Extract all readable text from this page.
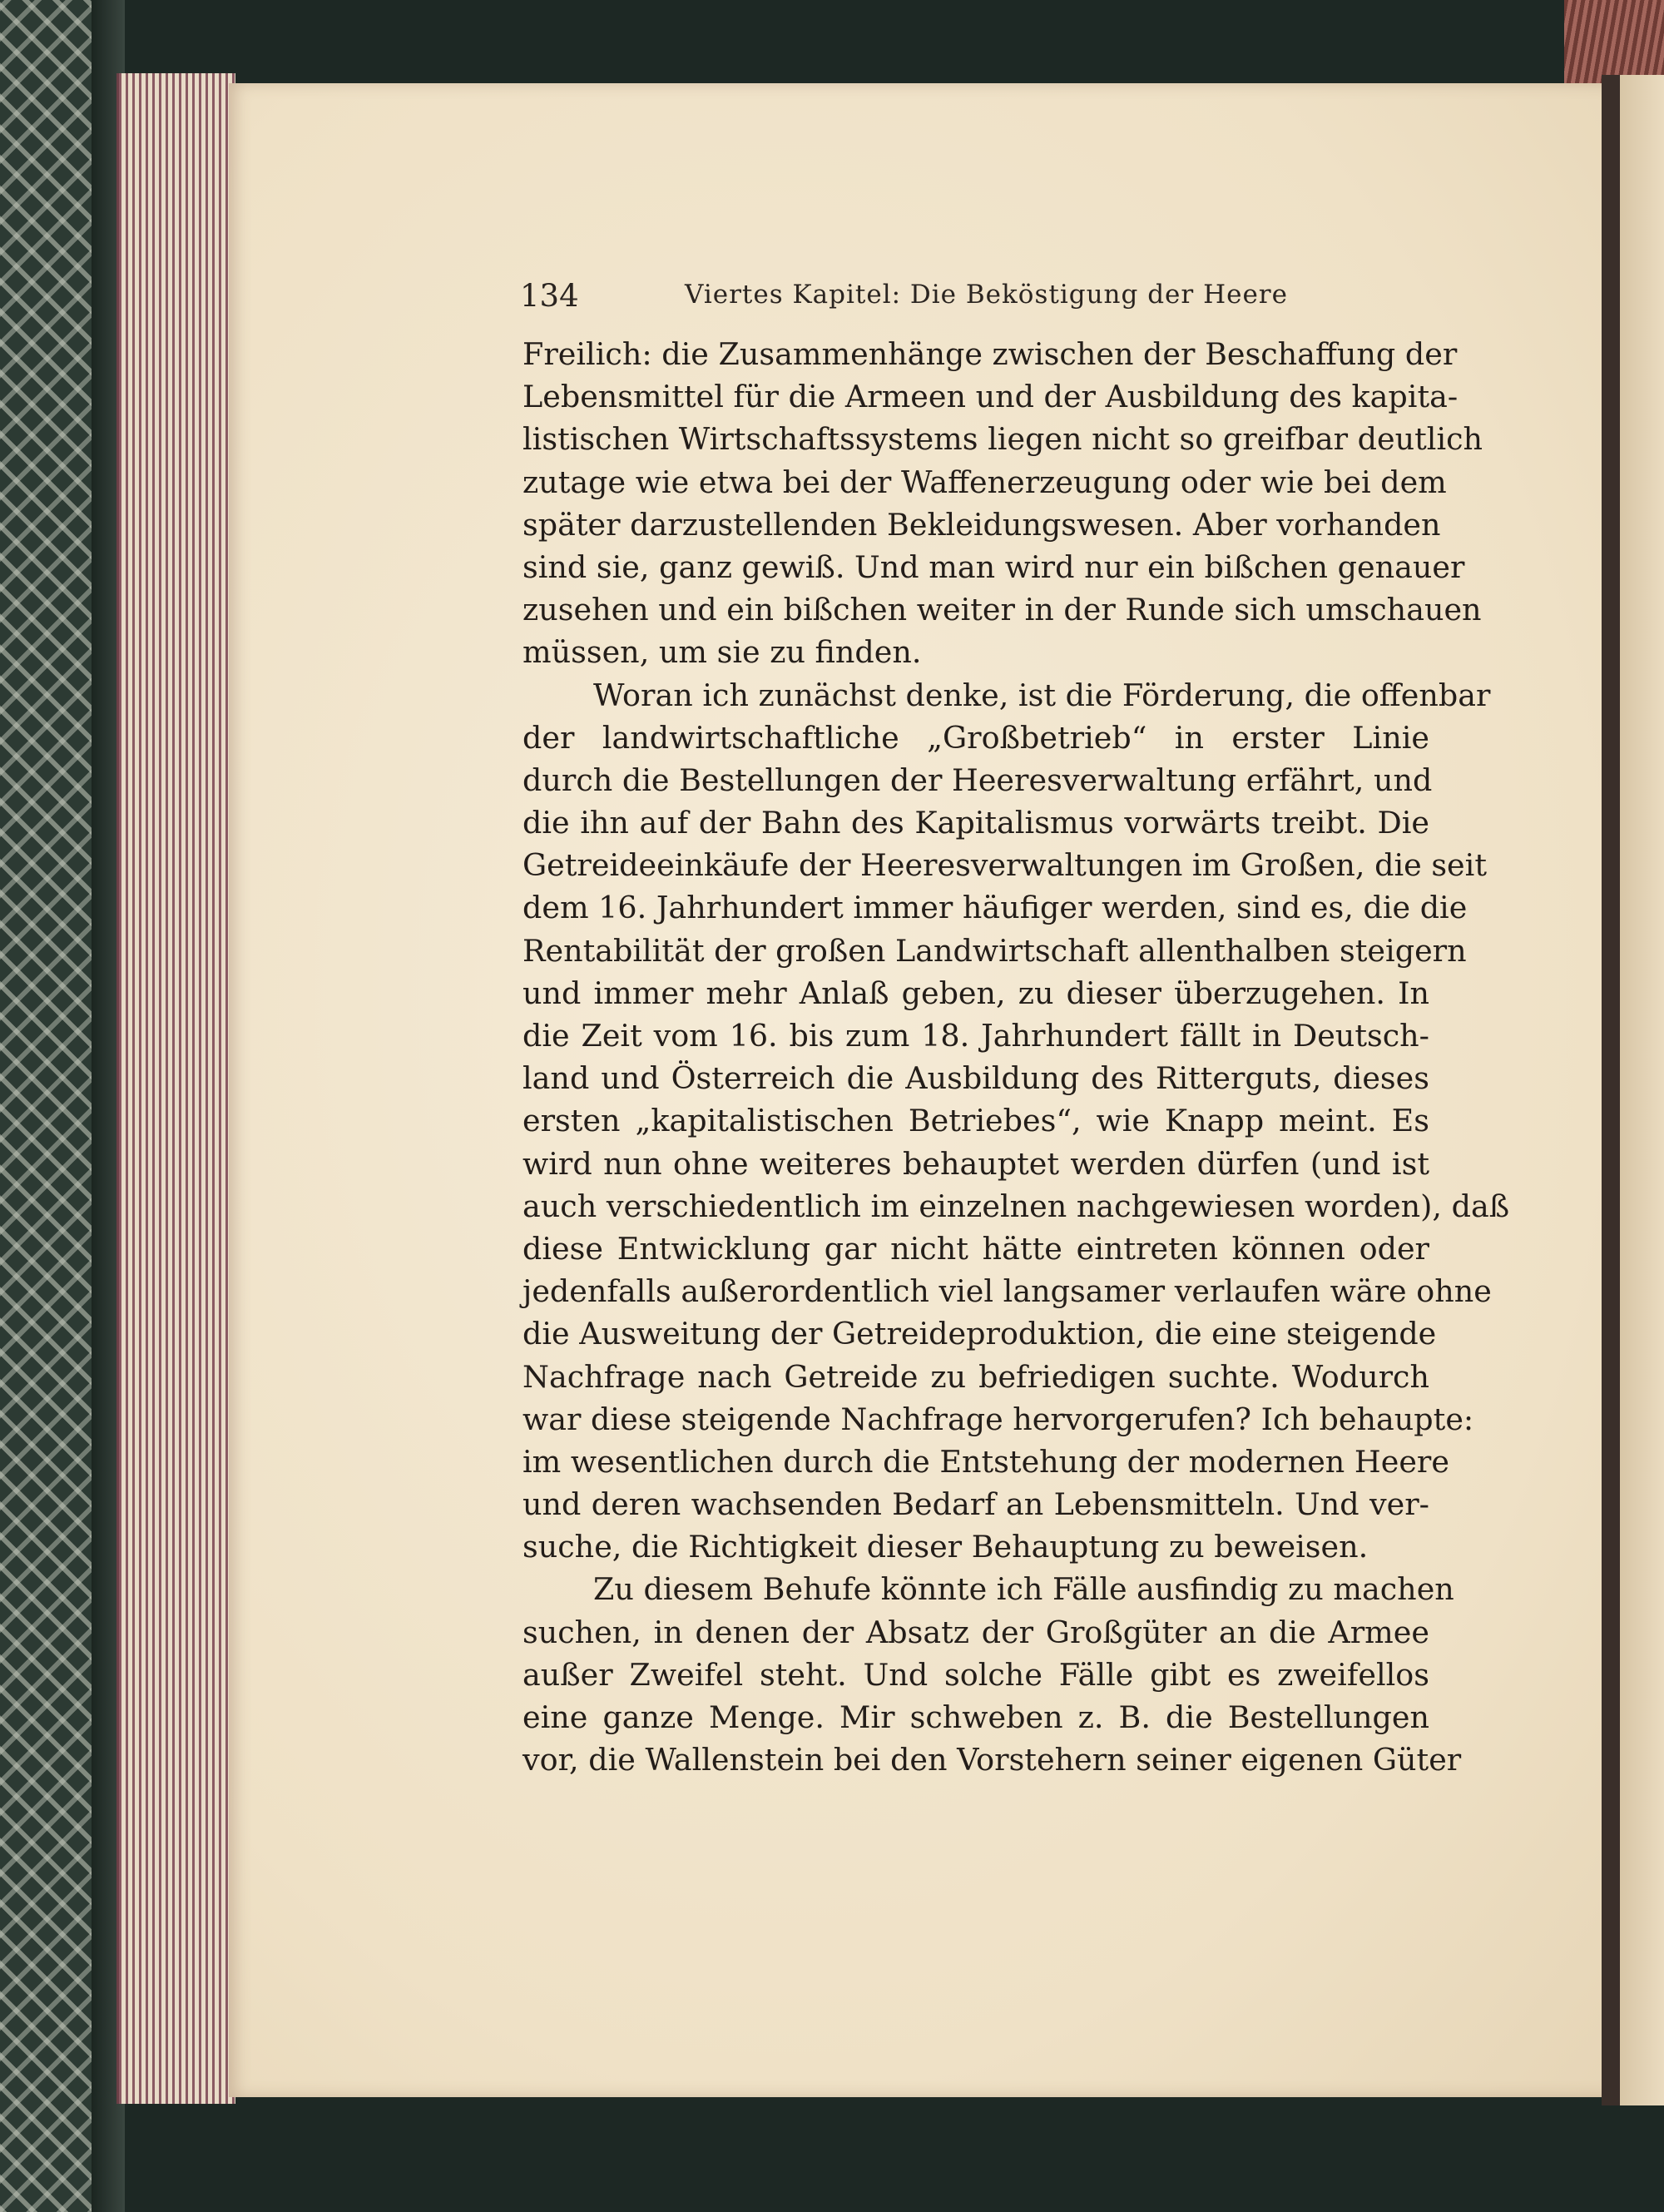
134	Viertes Kapitel: Die Beköstigung der Heere
Freilich: die Zusammenhänge zwischen der Beschaffung der
Lebensmittel für die Armeen und der Ausbildung des kapita-
listischen Wirtschaftssystems liegen nicht so greifbar deutlich
zutage wie etwa bei der Waffenerzeugung oder wie bei dem
später darzustellenden Bekleidungswesen. Aber vorhanden
sind sie, ganz gewiß. Und man wird nur ein bißchen genauer
zusehen und ein bißchen weiter in der Runde sich umschauen
müssen, um sie zu finden.
Woran ich zunächst denke, ist die Förderung, die offenbar
der landwirtschaftliche „Großbetrieb“ in erster Linie
durch die Bestellungen der Heeresverwaltung erfährt, und
die ihn auf der Bahn des Kapitalismus vorwärts treibt. Die
Getreideeinkäufe der Heeresverwaltungen im Großen, die seit
dem 16. Jahrhundert immer häufiger werden, sind es, die die
Rentabilität der großen Landwirtschaft allenthalben steigern
und immer mehr Anlaß geben, zu dieser überzugehen. In
die Zeit vom 16. bis zum 18. Jahrhundert fällt in Deutsch-
land und Österreich die Ausbildung des Ritterguts, dieses
ersten „kapitalistischen Betriebes“, wie Knapp meint. Es
wird nun ohne weiteres behauptet werden dürfen (und ist
auch verschiedentlich im einzelnen nachgewiesen worden), daß
diese Entwicklung gar nicht hätte eintreten können oder
jedenfalls außerordentlich viel langsamer verlaufen wäre ohne
die Ausweitung der Getreideproduktion, die eine steigende
Nachfrage nach Getreide zu befriedigen suchte. Wodurch
war diese steigende Nachfrage hervorgerufen? Ich behaupte:
im wesentlichen durch die Entstehung der modernen Heere
und deren wachsenden Bedarf an Lebensmitteln. Und ver-
suche, die Richtigkeit dieser Behauptung zu beweisen.
Zu diesem Behufe könnte ich Fälle ausfindig zu machen
suchen, in denen der Absatz der Großgüter an die Armee
außer Zweifel steht. Und solche Fälle gibt es zweifellos
eine ganze Menge. Mir schweben z. B. die Bestellungen
vor, die Wallenstein bei den Vorstehern seiner eigenen Güter
